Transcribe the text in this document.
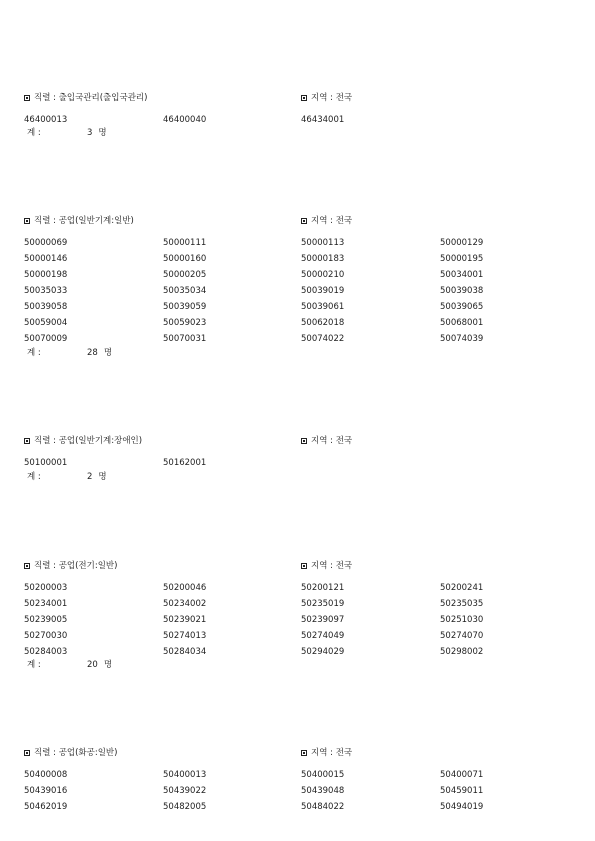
직렬 : 출입국관리(출입국관리)	지역 : 전국
46400013	46400040	46434001
계 :	3 명
직렬 : 공업(일반기계:일반)	지역 : 전국
50000069	50000111	50000113	50000129
50000146	50000160	50000183	50000195
50000198	50000205	50000210	50034001
50035033	50035034	50039019	50039038
50039058	50039059	50039061	50039065
50059004	50059023	50062018	50068001
50070009	50070031	50074022	50074039
계 :	28 명
직렬 : 공업(일반기계:장애인)	지역 : 전국
50100001	50162001
계 :	2 명
직렬 : 공업(전기:일반)	지역 : 전국
50200003	50200046	50200121	50200241
50234001	50234002	50235019	50235035
50239005	50239021	50239097	50251030
50270030	50274013	50274049	50274070
50284003	50284034	50294029	50298002
계 :	20 명
직렬 : 공업(화공:일반)	지역 : 전국
50400008	50400013	50400015	50400071
50439016	50439022	50439048	50459011
50462019	50482005	50484022	50494019
